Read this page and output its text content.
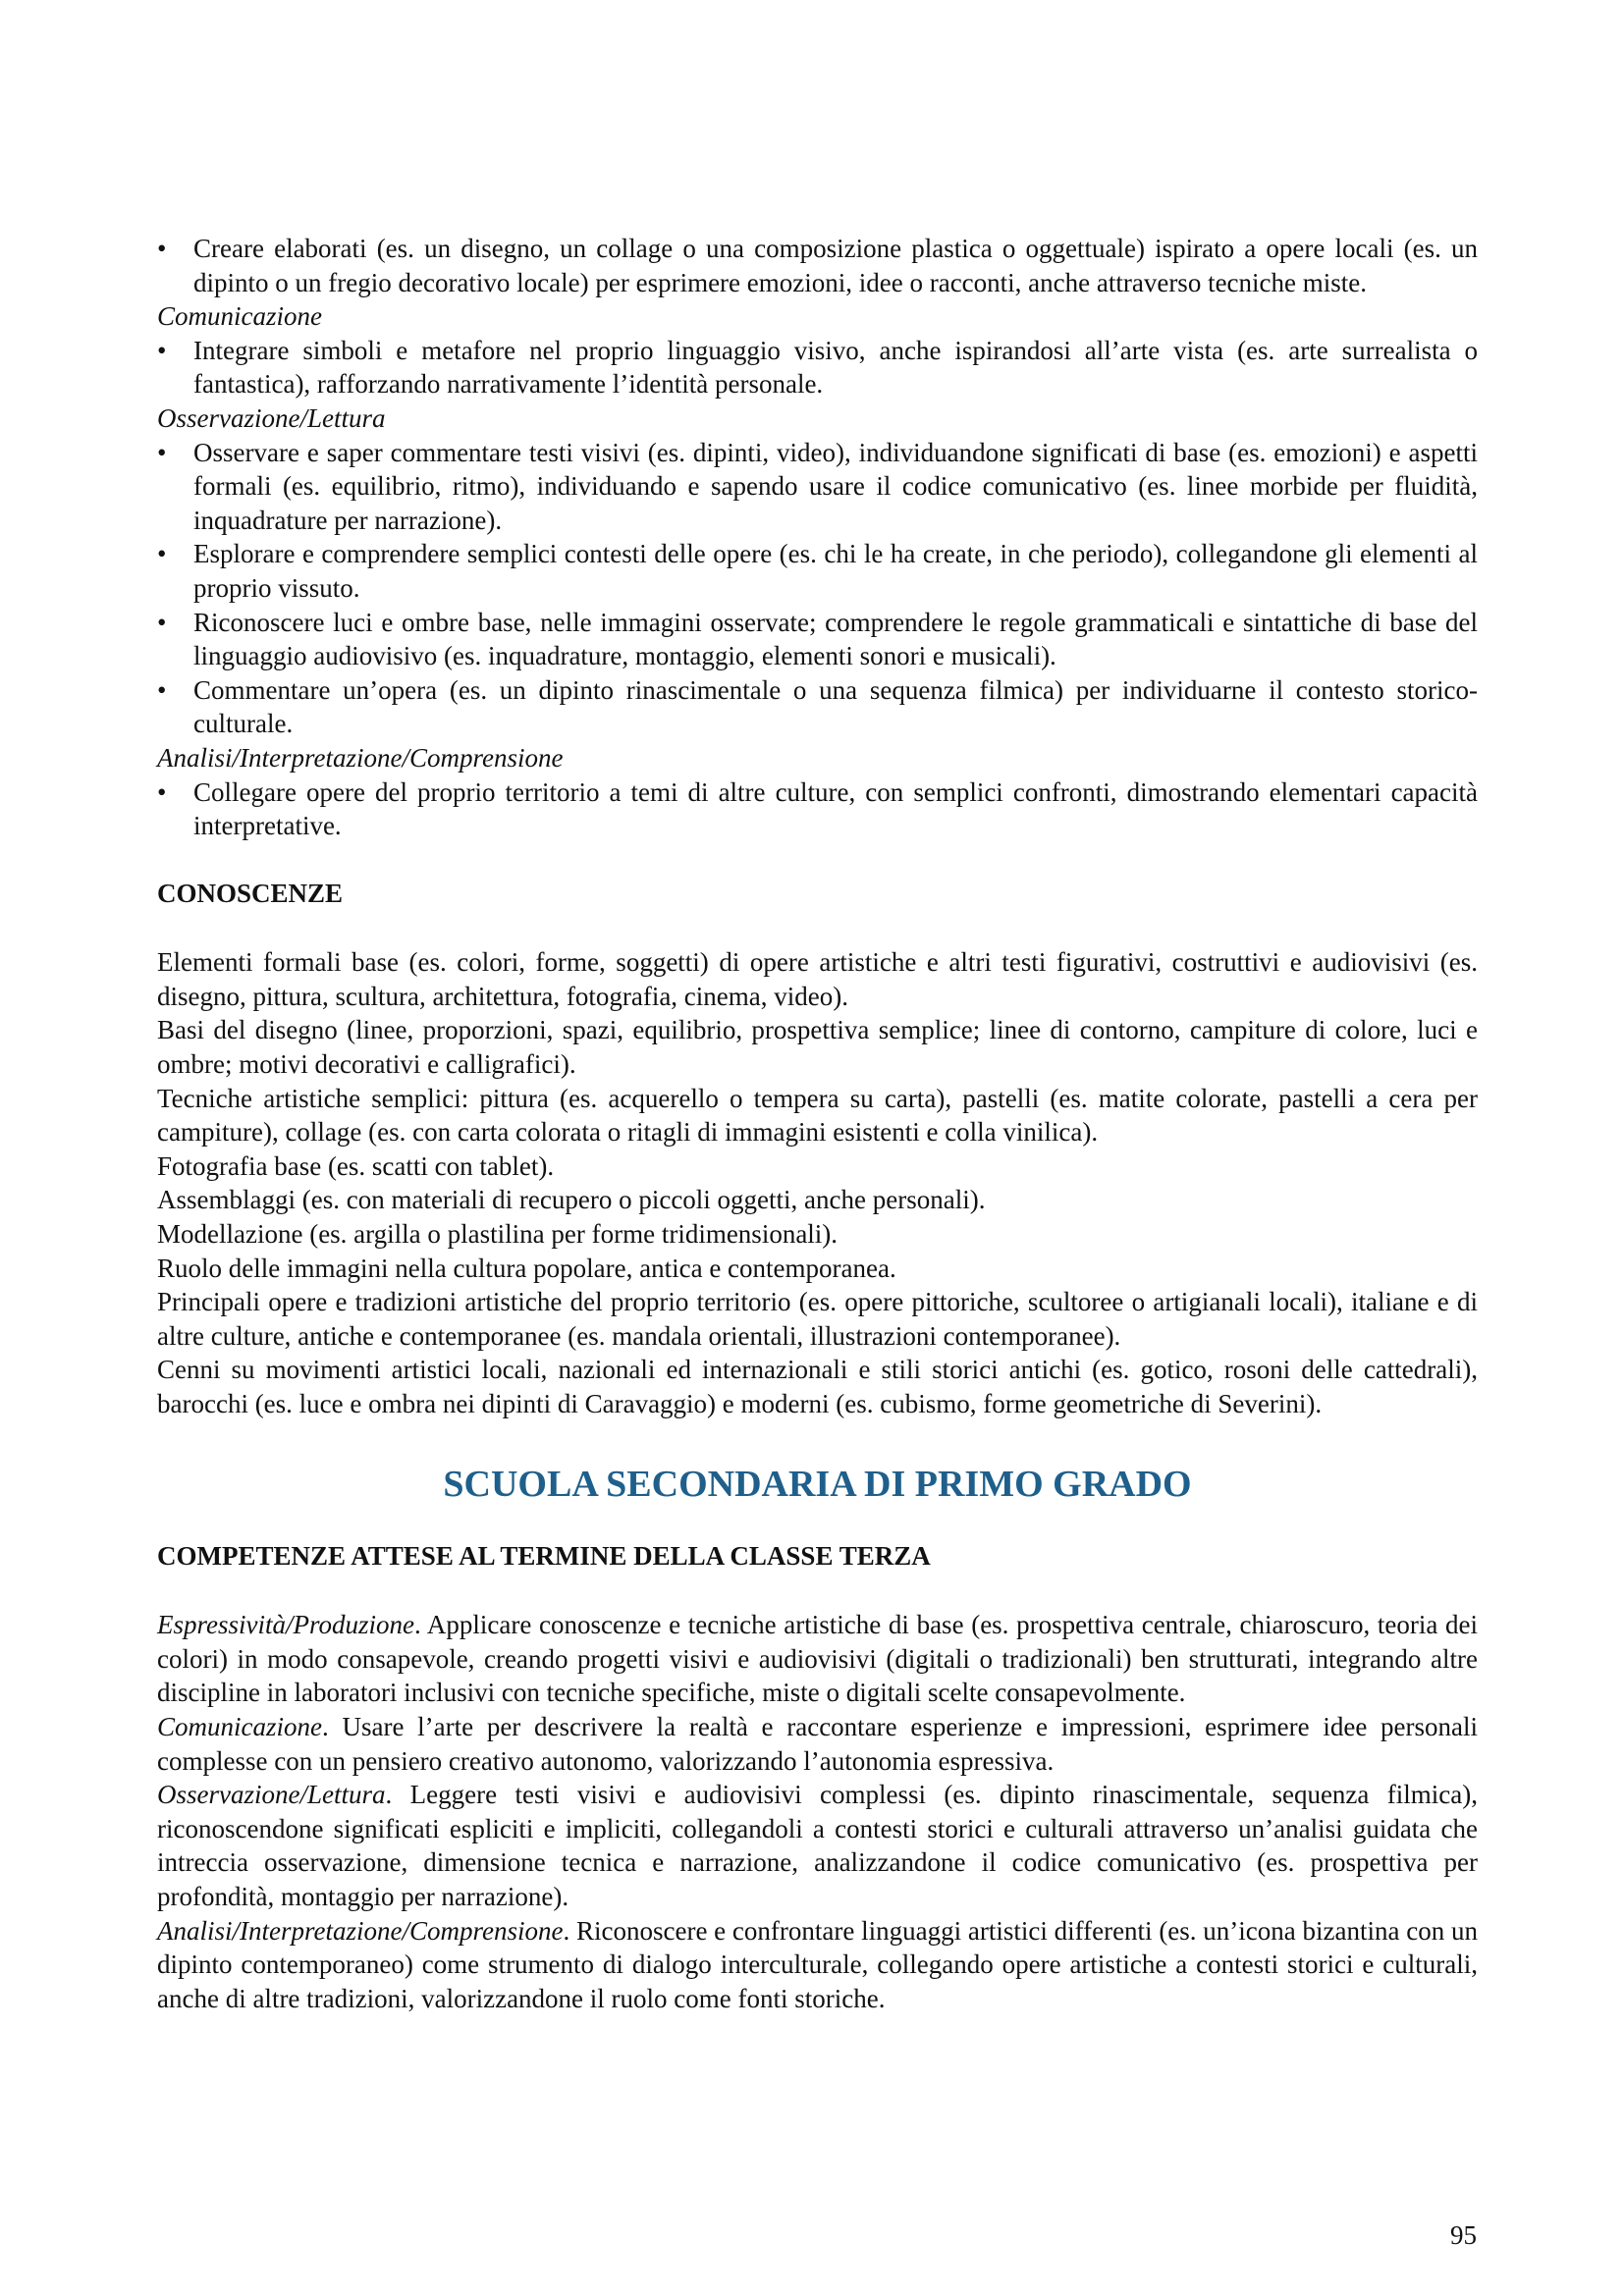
• Creare elaborati (es. un disegno, un collage o una composizione plastica o oggettuale) ispirato a opere locali (es. un dipinto o un fregio decorativo locale) per esprimere emozioni, idee o racconti, anche attraverso tecniche miste.

Comunicazione

• Integrare simboli e metafore nel proprio linguaggio visivo, anche ispirandosi all’arte vista (es. arte surrealista o fantastica), rafforzando narrativamente l’identità personale.

Osservazione/Lettura

• Osservare e saper commentare testi visivi (es. dipinti, video), individuandone significati di base (es. emozioni) e aspetti formali (es. equilibrio, ritmo), individuando e sapendo usare il codice comunicativo (es. linee morbide per fluidità, inquadrature per narrazione).

• Esplorare e comprendere semplici contesti delle opere (es. chi le ha create, in che periodo), collegandone gli elementi al proprio vissuto.

• Riconoscere luci e ombre base, nelle immagini osservate; comprendere le regole grammaticali e sintattiche di base del linguaggio audiovisivo (es. inquadrature, montaggio, elementi sonori e musicali).

• Commentare un’opera (es. un dipinto rinascimentale o una sequenza filmica) per individuarne il contesto storico-culturale.

Analisi/Interpretazione/Comprensione

• Collegare opere del proprio territorio a temi di altre culture, con semplici confronti, dimostrando elementari capacità interpretative.

CONOSCENZE

Elementi formali base (es. colori, forme, soggetti) di opere artistiche e altri testi figurativi, costruttivi e audiovisivi (es. disegno, pittura, scultura, architettura, fotografia, cinema, video).

Basi del disegno (linee, proporzioni, spazi, equilibrio, prospettiva semplice; linee di contorno, campiture di colore, luci e ombre; motivi decorativi e calligrafici).

Tecniche artistiche semplici: pittura (es. acquerello o tempera su carta), pastelli (es. matite colorate, pastelli a cera per campiture), collage (es. con carta colorata o ritagli di immagini esistenti e colla vinilica).

Fotografia base (es. scatti con tablet).

Assemblaggi (es. con materiali di recupero o piccoli oggetti, anche personali).

Modellazione (es. argilla o plastilina per forme tridimensionali).

Ruolo delle immagini nella cultura popolare, antica e contemporanea.

Principali opere e tradizioni artistiche del proprio territorio (es. opere pittoriche, scultoree o artigianali locali), italiane e di altre culture, antiche e contemporanee (es. mandala orientali, illustrazioni contemporanee).

Cenni su movimenti artistici locali, nazionali ed internazionali e stili storici antichi (es. gotico, rosoni delle cattedrali), barocchi (es. luce e ombra nei dipinti di Caravaggio) e moderni (es. cubismo, forme geometriche di Severini).

SCUOLA SECONDARIA DI PRIMO GRADO

COMPETENZE ATTESE AL TERMINE DELLA CLASSE TERZA

Espressività/Produzione. Applicare conoscenze e tecniche artistiche di base (es. prospettiva centrale, chiaroscuro, teoria dei colori) in modo consapevole, creando progetti visivi e audiovisivi (digitali o tradizionali) ben strutturati, integrando altre discipline in laboratori inclusivi con tecniche specifiche, miste o digitali scelte consapevolmente.

Comunicazione. Usare l’arte per descrivere la realtà e raccontare esperienze e impressioni, esprimere idee personali complesse con un pensiero creativo autonomo, valorizzando l’autonomia espressiva.

Osservazione/Lettura. Leggere testi visivi e audiovisivi complessi (es. dipinto rinascimentale, sequenza filmica), riconoscendone significati espliciti e impliciti, collegandoli a contesti storici e culturali attraverso un’analisi guidata che intreccia osservazione, dimensione tecnica e narrazione, analizzandone il codice comunicativo (es. prospettiva per profondità, montaggio per narrazione).

Analisi/Interpretazione/Comprensione. Riconoscere e confrontare linguaggi artistici differenti (es. un’icona bizantina con un dipinto contemporaneo) come strumento di dialogo interculturale, collegando opere artistiche a contesti storici e culturali, anche di altre tradizioni, valorizzandone il ruolo come fonti storiche.

95
